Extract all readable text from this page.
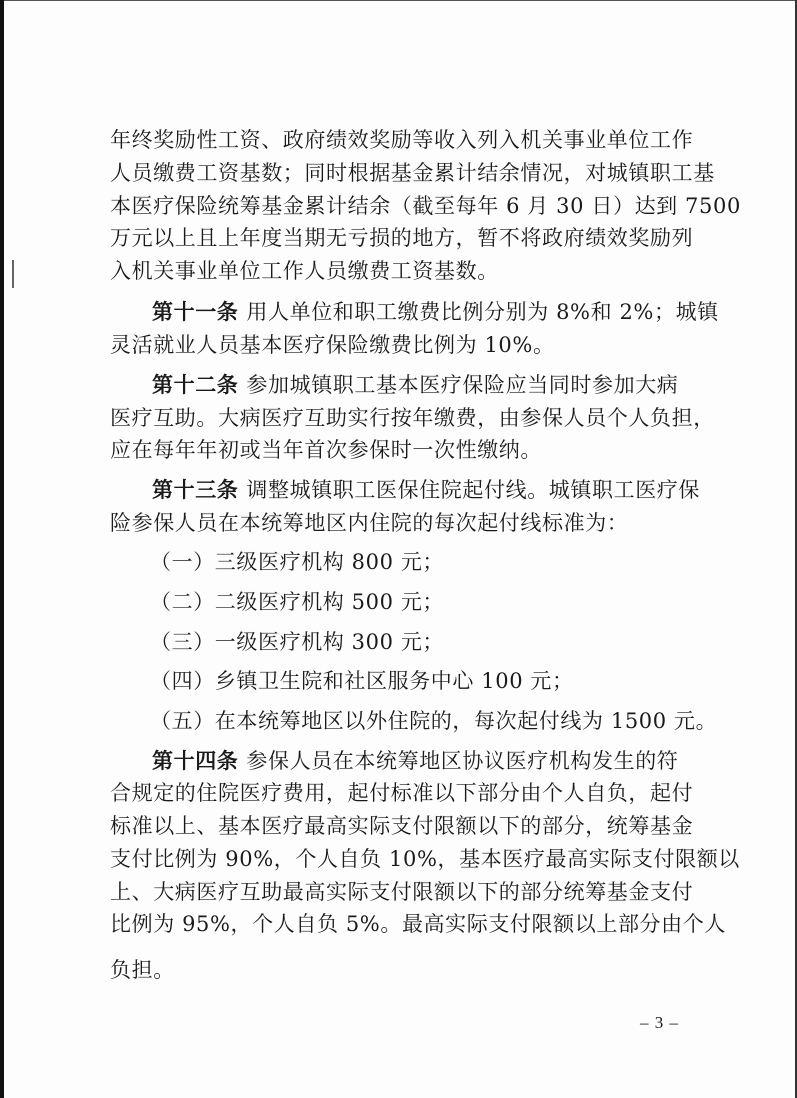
年终奖励性工资、政府绩效奖励等收入列入机关事业单位工作
人员缴费工资基数；同时根据基金累计结余情况，对城镇职工基
本医疗保险统筹基金累计结余（截至每年 6 月 30 日）达到 7500
万元以上且上年度当期无亏损的地方，暂不将政府绩效奖励列
入机关事业单位工作人员缴费工资基数。
第十一条 用人单位和职工缴费比例分别为 8%和 2%；城镇
灵活就业人员基本医疗保险缴费比例为 10%。
第十二条 参加城镇职工基本医疗保险应当同时参加大病
医疗互助。大病医疗互助实行按年缴费，由参保人员个人负担，
应在每年年初或当年首次参保时一次性缴纳。
第十三条 调整城镇职工医保住院起付线。城镇职工医疗保
险参保人员在本统筹地区内住院的每次起付线标准为：
（一）三级医疗机构 800 元；
（二）二级医疗机构 500 元；
（三）一级医疗机构 300 元；
（四）乡镇卫生院和社区服务中心 100 元；
（五）在本统筹地区以外住院的，每次起付线为 1500 元。
第十四条 参保人员在本统筹地区协议医疗机构发生的符
合规定的住院医疗费用，起付标准以下部分由个人自负，起付
标准以上、基本医疗最高实际支付限额以下的部分，统筹基金
支付比例为 90%，个人自负 10%，基本医疗最高实际支付限额以
上、大病医疗互助最高实际支付限额以下的部分统筹基金支付
比例为 95%，个人自负 5%。最高实际支付限额以上部分由个人
– 3 –
负担。
